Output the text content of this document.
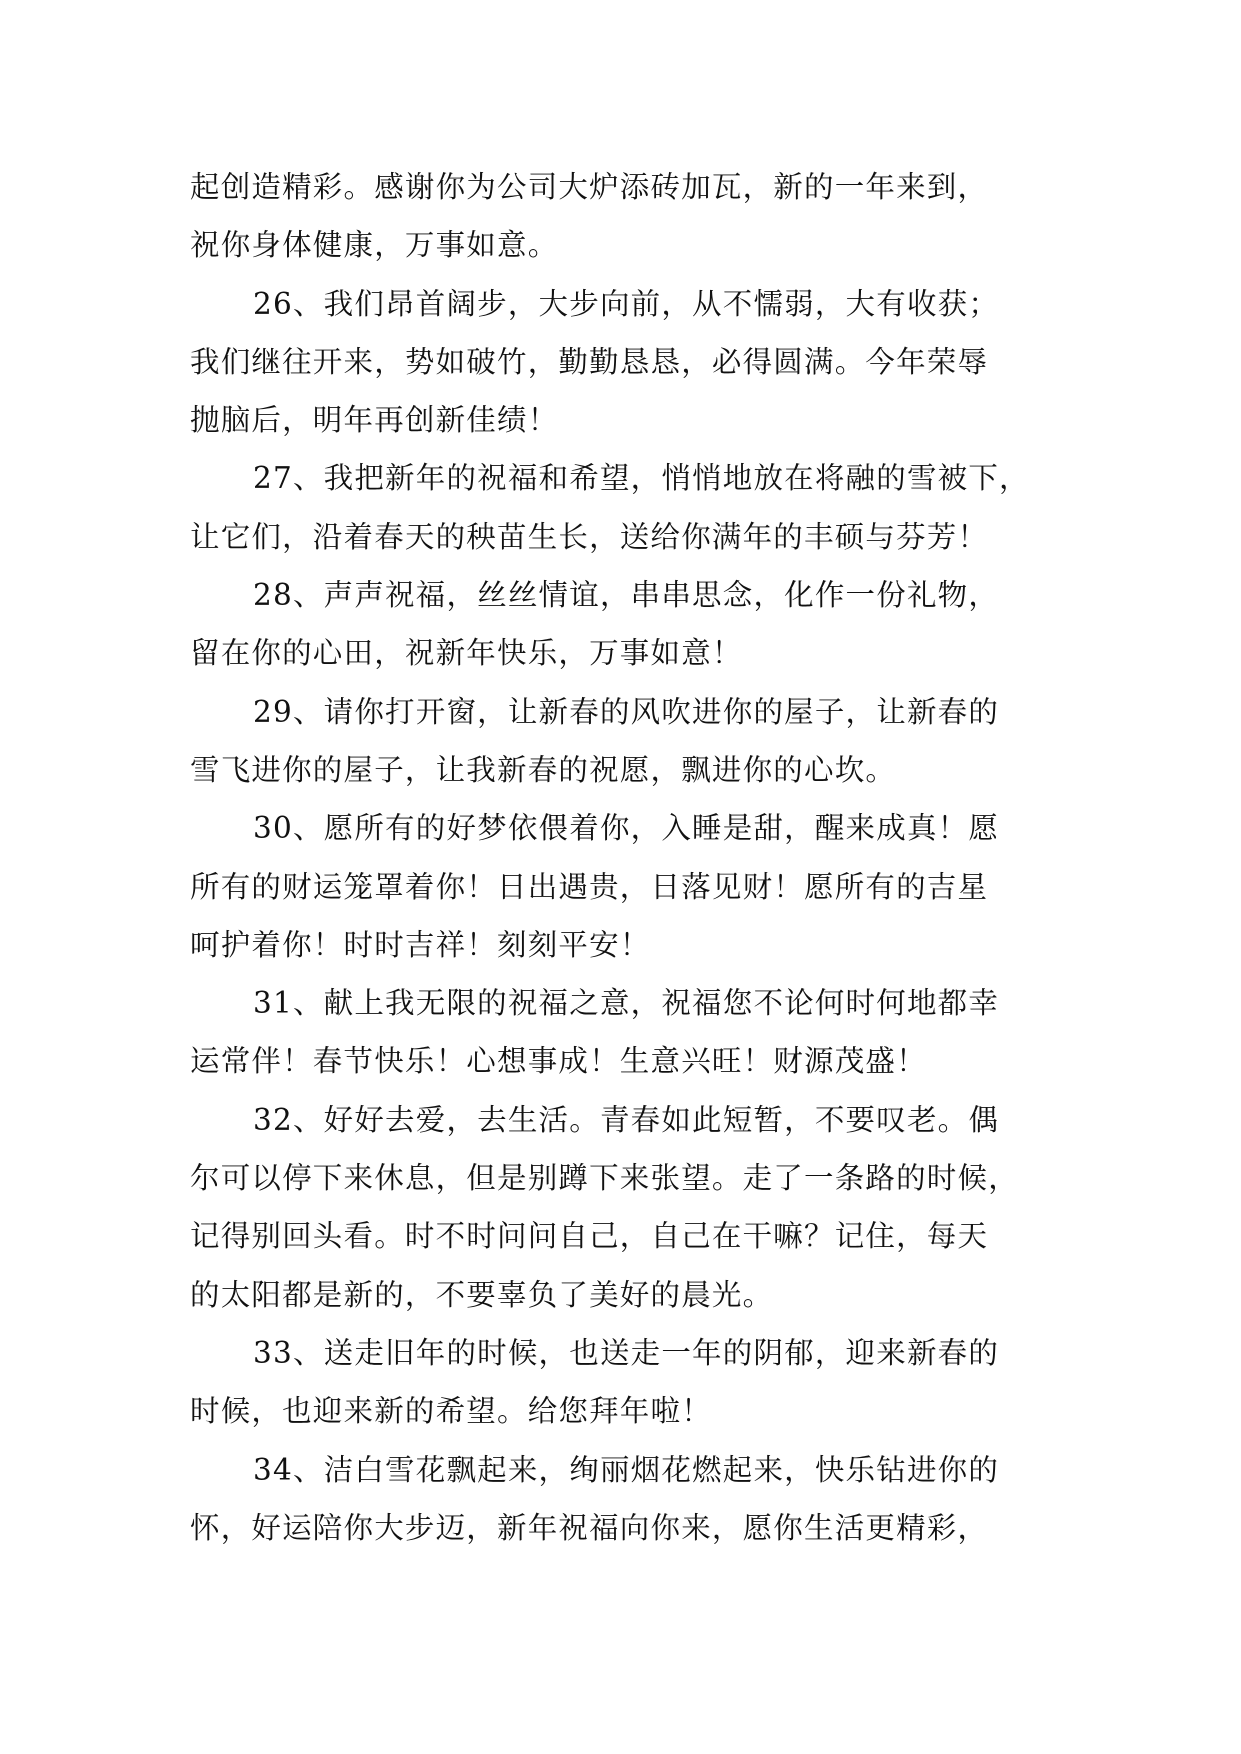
起创造精彩。感谢你为公司大炉添砖加瓦，新的一年来到，
祝你身体健康，万事如意。
26、我们昂首阔步，大步向前，从不懦弱，大有收获；
我们继往开来，势如破竹，勤勤恳恳，必得圆满。今年荣辱
抛脑后，明年再创新佳绩！
27、我把新年的祝福和希望，悄悄地放在将融的雪被下，
让它们，沿着春天的秧苗生长，送给你满年的丰硕与芬芳！
28、声声祝福，丝丝情谊，串串思念，化作一份礼物，
留在你的心田，祝新年快乐，万事如意！
29、请你打开窗，让新春的风吹进你的屋子，让新春的
雪飞进你的屋子，让我新春的祝愿，飘进你的心坎。
30、愿所有的好梦依偎着你，入睡是甜，醒来成真！愿
所有的财运笼罩着你！日出遇贵，日落见财！愿所有的吉星
呵护着你！时时吉祥！刻刻平安！
31、献上我无限的祝福之意，祝福您不论何时何地都幸
运常伴！春节快乐！心想事成！生意兴旺！财源茂盛！
32、好好去爱，去生活。青春如此短暂，不要叹老。偶
尔可以停下来休息，但是别蹲下来张望。走了一条路的时候，
记得别回头看。时不时问问自己，自己在干嘛？记住，每天
的太阳都是新的，不要辜负了美好的晨光。
33、送走旧年的时候，也送走一年的阴郁，迎来新春的
时候，也迎来新的希望。给您拜年啦！
34、洁白雪花飘起来，绚丽烟花燃起来，快乐钻进你的
怀，好运陪你大步迈，新年祝福向你来，愿你生活更精彩，
